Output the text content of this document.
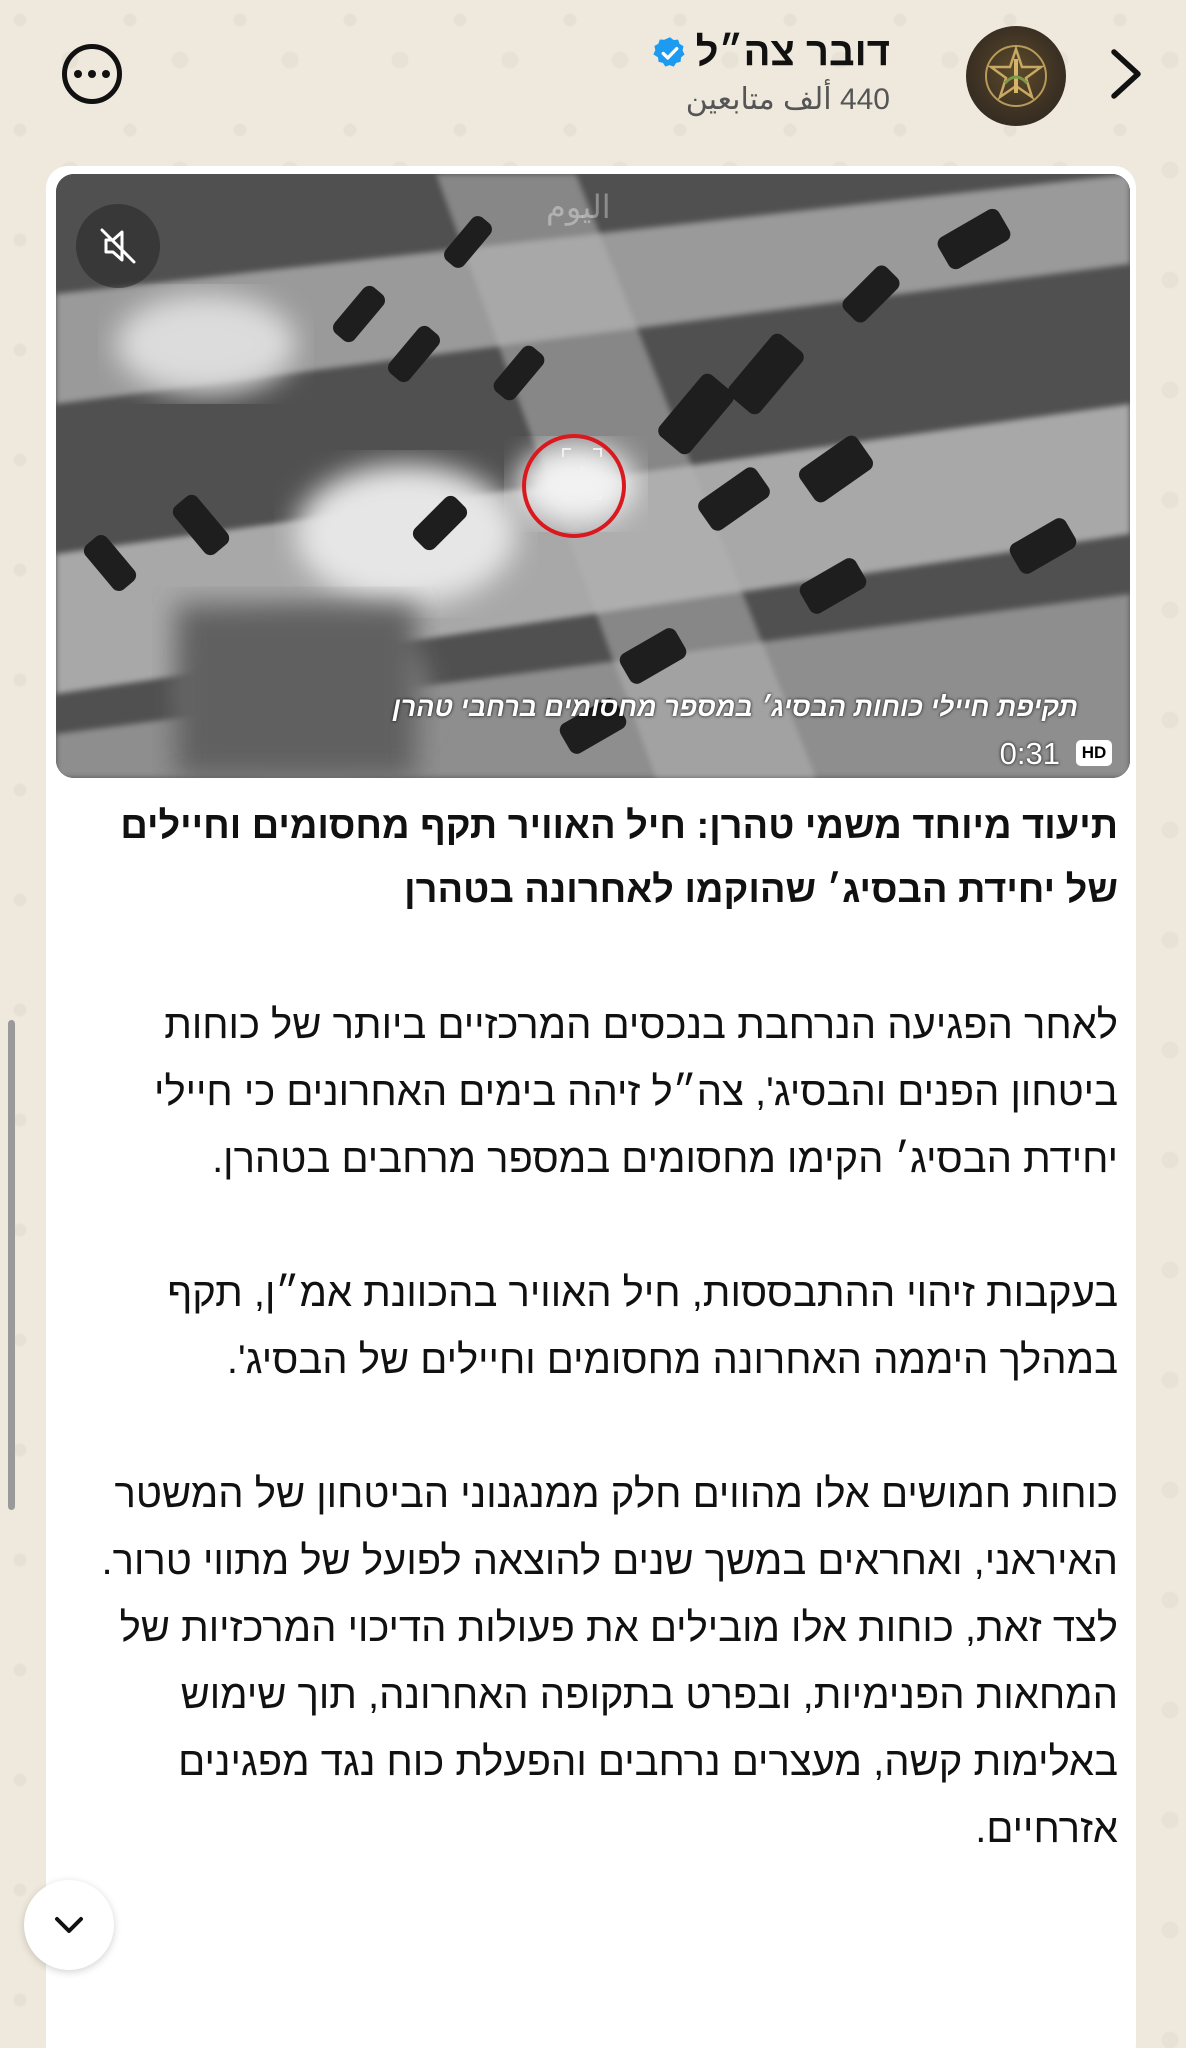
דובר צה״ל
440 ألف متابعين
اليوم
תקיפת חיילי כוחות הבסיג׳ במספר מחסומים ברחבי טהרן
0:31	HD
תיעוד מיוחד משמי טהרן: חיל האוויר תקף מחסומים וחיילים של יחידת הבסיג׳ שהוקמו לאחרונה בטהרן

לאחר הפגיעה הנרחבת בנכסים המרכזיים ביותר של כוחות ביטחון הפנים והבסיג', צה״ל זיהה בימים האחרונים כי חיילי יחידת הבסיג׳ הקימו מחסומים במספר מרחבים בטהרן.

בעקבות זיהוי ההתבססות, חיל האוויר בהכוונת אמ״ן, תקף במהלך היממה האחרונה מחסומים וחיילים של הבסיג'.

כוחות חמושים אלו מהווים חלק ממנגנוני הביטחון של המשטר האיראני, ואחראים במשך שנים להוצאה לפועל של מתווי טרור.

לצד זאת, כוחות אלו מובילים את פעולות הדיכוי המרכזיות של המחאות הפנימיות, ובפרט בתקופה האחרונה, תוך שימוש באלימות קשה, מעצרים נרחבים והפעלת כוח נגד מפגינים אזרחיים.
